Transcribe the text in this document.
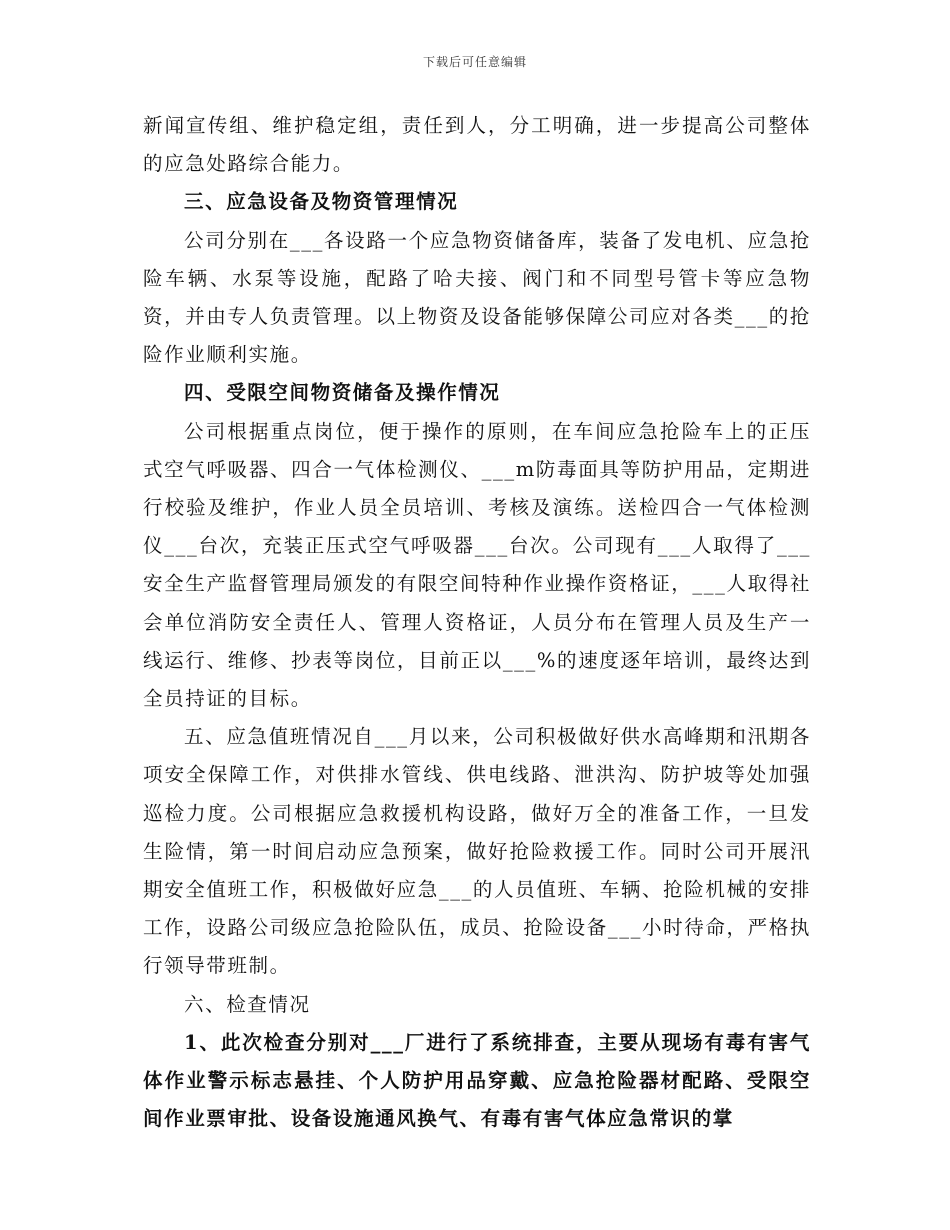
下载后可任意编辑

新闻宣传组、维护稳定组，责任到人，分工明确，进一步提高公司整体的应急处路综合能力。

三、应急设备及物资管理情况

公司分别在___各设路一个应急物资储备库，装备了发电机、应急抢险车辆、水泵等设施，配路了哈夫接、阀门和不同型号管卡等应急物资，并由专人负责管理。以上物资及设备能够保障公司应对各类___的抢险作业顺利实施。

四、受限空间物资储备及操作情况

公司根据重点岗位，便于操作的原则，在车间应急抢险车上的正压式空气呼吸器、四合一气体检测仪、___m防毒面具等防护用品，定期进行校验及维护，作业人员全员培训、考核及演练。送检四合一气体检测仪___台次，充装正压式空气呼吸器___台次。公司现有___人取得了___安全生产监督管理局颁发的有限空间特种作业操作资格证，___人取得社会单位消防安全责任人、管理人资格证，人员分布在管理人员及生产一线运行、维修、抄表等岗位，目前正以___%的速度逐年培训，最终达到全员持证的目标。

五、应急值班情况自___月以来，公司积极做好供水高峰期和汛期各项安全保障工作，对供排水管线、供电线路、泄洪沟、防护坡等处加强巡检力度。公司根据应急救援机构设路，做好万全的准备工作，一旦发生险情，第一时间启动应急预案，做好抢险救援工作。同时公司开展汛期安全值班工作，积极做好应急___的人员值班、车辆、抢险机械的安排工作，设路公司级应急抢险队伍，成员、抢险设备___小时待命，严格执行领导带班制。

六、检查情况

1、此次检查分别对___厂进行了系统排查，主要从现场有毒有害气体作业警示标志悬挂、个人防护用品穿戴、应急抢险器材配路、受限空间作业票审批、设备设施通风换气、有毒有害气体应急常识的掌
